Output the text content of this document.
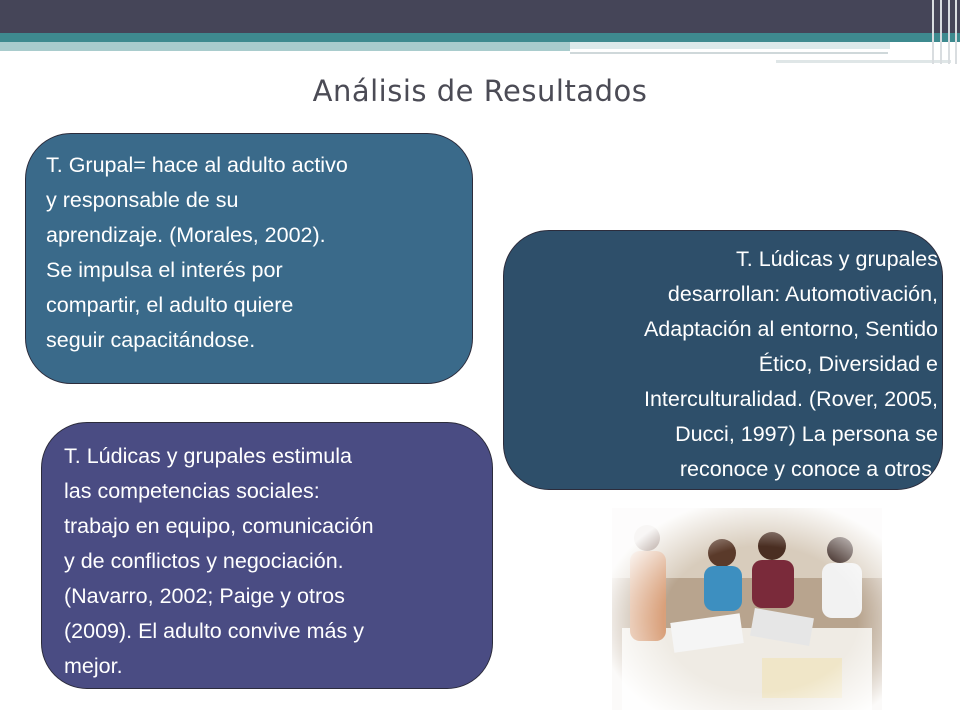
Análisis de Resultados
T. Grupal= hace al adulto activo
y responsable de su
aprendizaje. (Morales, 2002).
Se impulsa el interés por
compartir, el adulto quiere
seguir capacitándose.
T. Lúdicas y grupales
desarrollan: Automotivación,
Adaptación al entorno, Sentido
Ético, Diversidad e
Interculturalidad. (Rover, 2005,
Ducci, 1997) La persona se
reconoce y conoce a otros.
T. Lúdicas y grupales estimula
las competencias sociales:
trabajo en equipo, comunicación
y de conflictos y negociación.
(Navarro, 2002; Paige y otros
(2009). El adulto convive más y
mejor.
